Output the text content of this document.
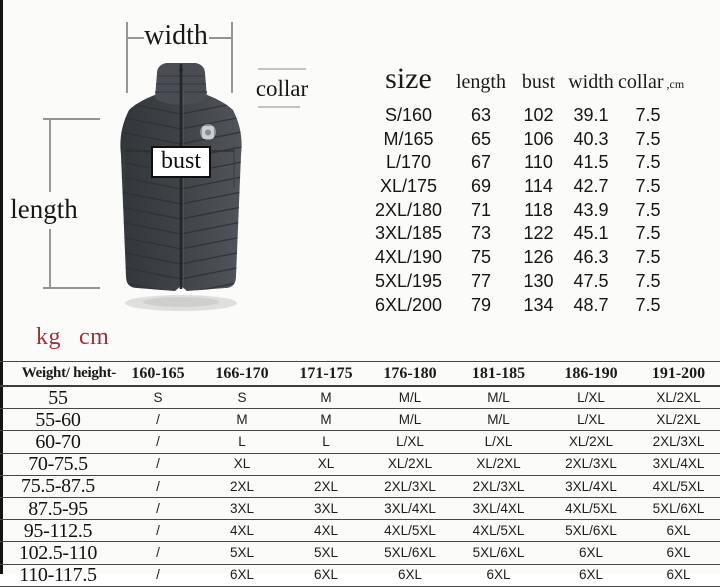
width
collar
bust
length
kg cm
size	length bust width collar ,cm
S/160	63	102	39.1	7.5
M/165	65	106	40.3	7.5
L/170	67	110	41.5	7.5
XL/175	69	114	42.7	7.5
2XL/180	71	118	43.9	7.5
3XL/185	73	122	45.1	7.5
4XL/190	75	126	46.3	7.5
5XL/195	77	130	47.5	7.5
6XL/200	79	134	48.7	7.5
Weight/ height- 160-165	166-170	171-175	176-180	181-185	186-190	191-200
55	S	S	M	M/L	M/L	L/XL	XL/2XL
55-60	/	M	M	M/L	M/L	L/XL	XL/2XL
60-70	/	L	L	L/XL	L/XL	XL/2XL	2XL/3XL
70-75.5	/	XL	XL	XL/2XL	XL/2XL	2XL/3XL	3XL/4XL
75.5-87.5	/	2XL	2XL	2XL/3XL	2XL/3XL	3XL/4XL	4XL/5XL
87.5-95	/	3XL	3XL	3XL/4XL	3XL/4XL	4XL/5XL	5XL/6XL
95-112.5	/	4XL	4XL	4XL/5XL	4XL/5XL	5XL/6XL	6XL
102.5-110	/	5XL	5XL	5XL/6XL	5XL/6XL	6XL	6XL
110-117.5	/	6XL	6XL	6XL	6XL	6XL	6XL
